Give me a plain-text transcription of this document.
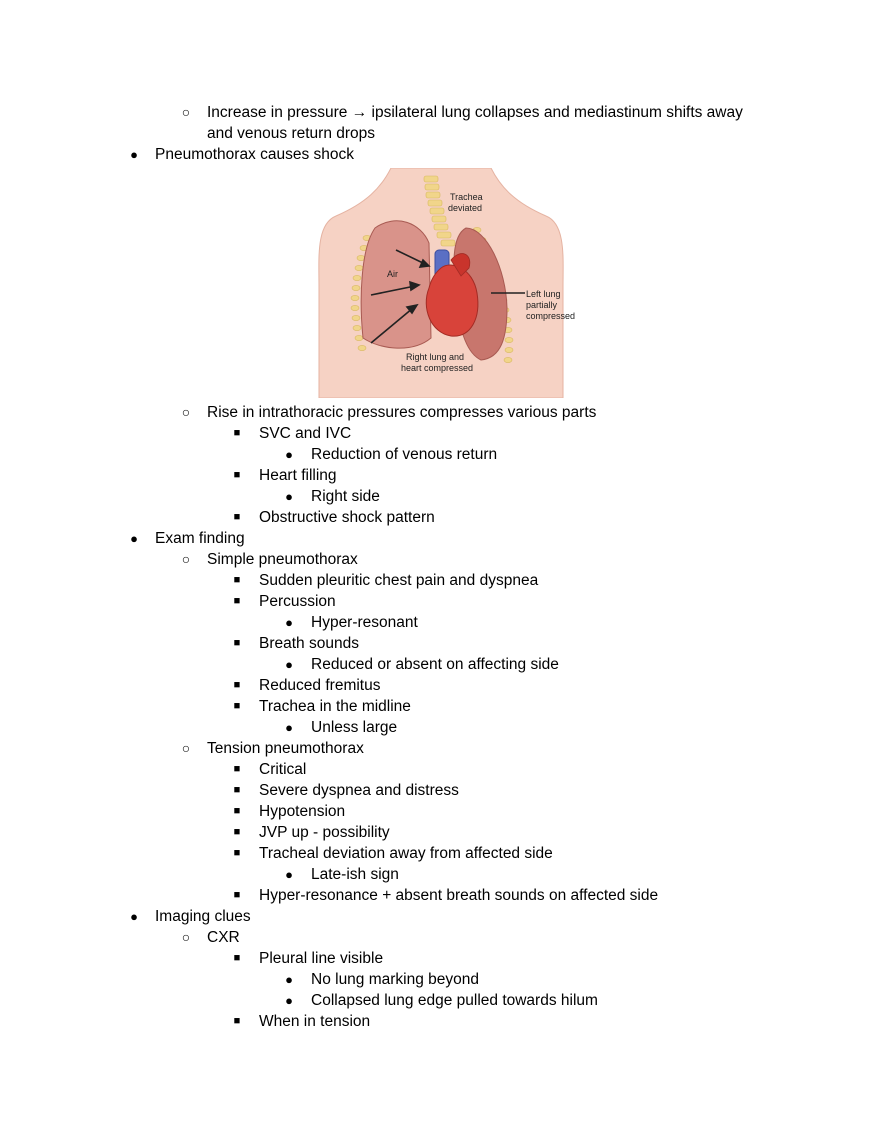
○ Increase in pressure → ipsilateral lung collapses and mediastinum shifts away
and venous return drops
● Pneumothorax causes shock
○ Rise in intrathoracic pressures compresses various parts
■	SVC and IVC
● Reduction of venous return
■	Heart filling
● Right side
■	Obstructive shock pattern
● Exam finding
○ Simple pneumothorax
■	Sudden pleuritic chest pain and dyspnea
■	Percussion
● Hyper-resonant
■	Breath sounds
● Reduced or absent on affecting side
■	Reduced fremitus
■	Trachea in the midline
● Unless large
○ Tension pneumothorax
■	Critical
■	Severe dyspnea and distress
■	Hypotension
■	JVP up - possibility
■	Tracheal deviation away from affected side
● Late-ish sign
■	Hyper-resonance + absent breath sounds on affected side
● Imaging clues
○ CXR
■	Pleural line visible
● No lung marking beyond
● Collapsed lung edge pulled towards hilum
■	When in tension
Trachea
deviated
Air
Left lung
partially
compressed
Right lung and
heart compressed
